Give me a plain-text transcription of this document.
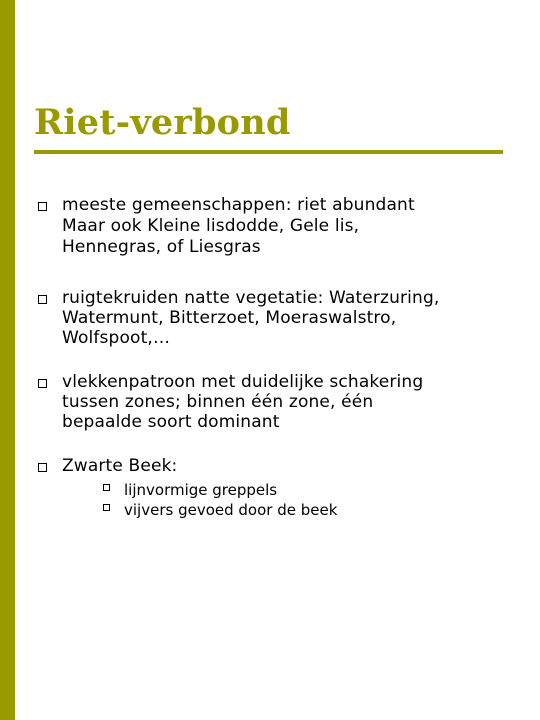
Riet-verbond
meeste gemeenschappen: riet abundant
Maar ook Kleine lisdodde, Gele lis,
Hennegras, of Liesgras
ruigtekruiden natte vegetatie: Waterzuring,
Watermunt, Bitterzoet, Moeraswalstro,
Wolfspoot,…
vlekkenpatroon met duidelijke schakering
tussen zones; binnen één zone, één
bepaalde soort dominant
Zwarte Beek:
lijnvormige greppels
vijvers gevoed door de beek
